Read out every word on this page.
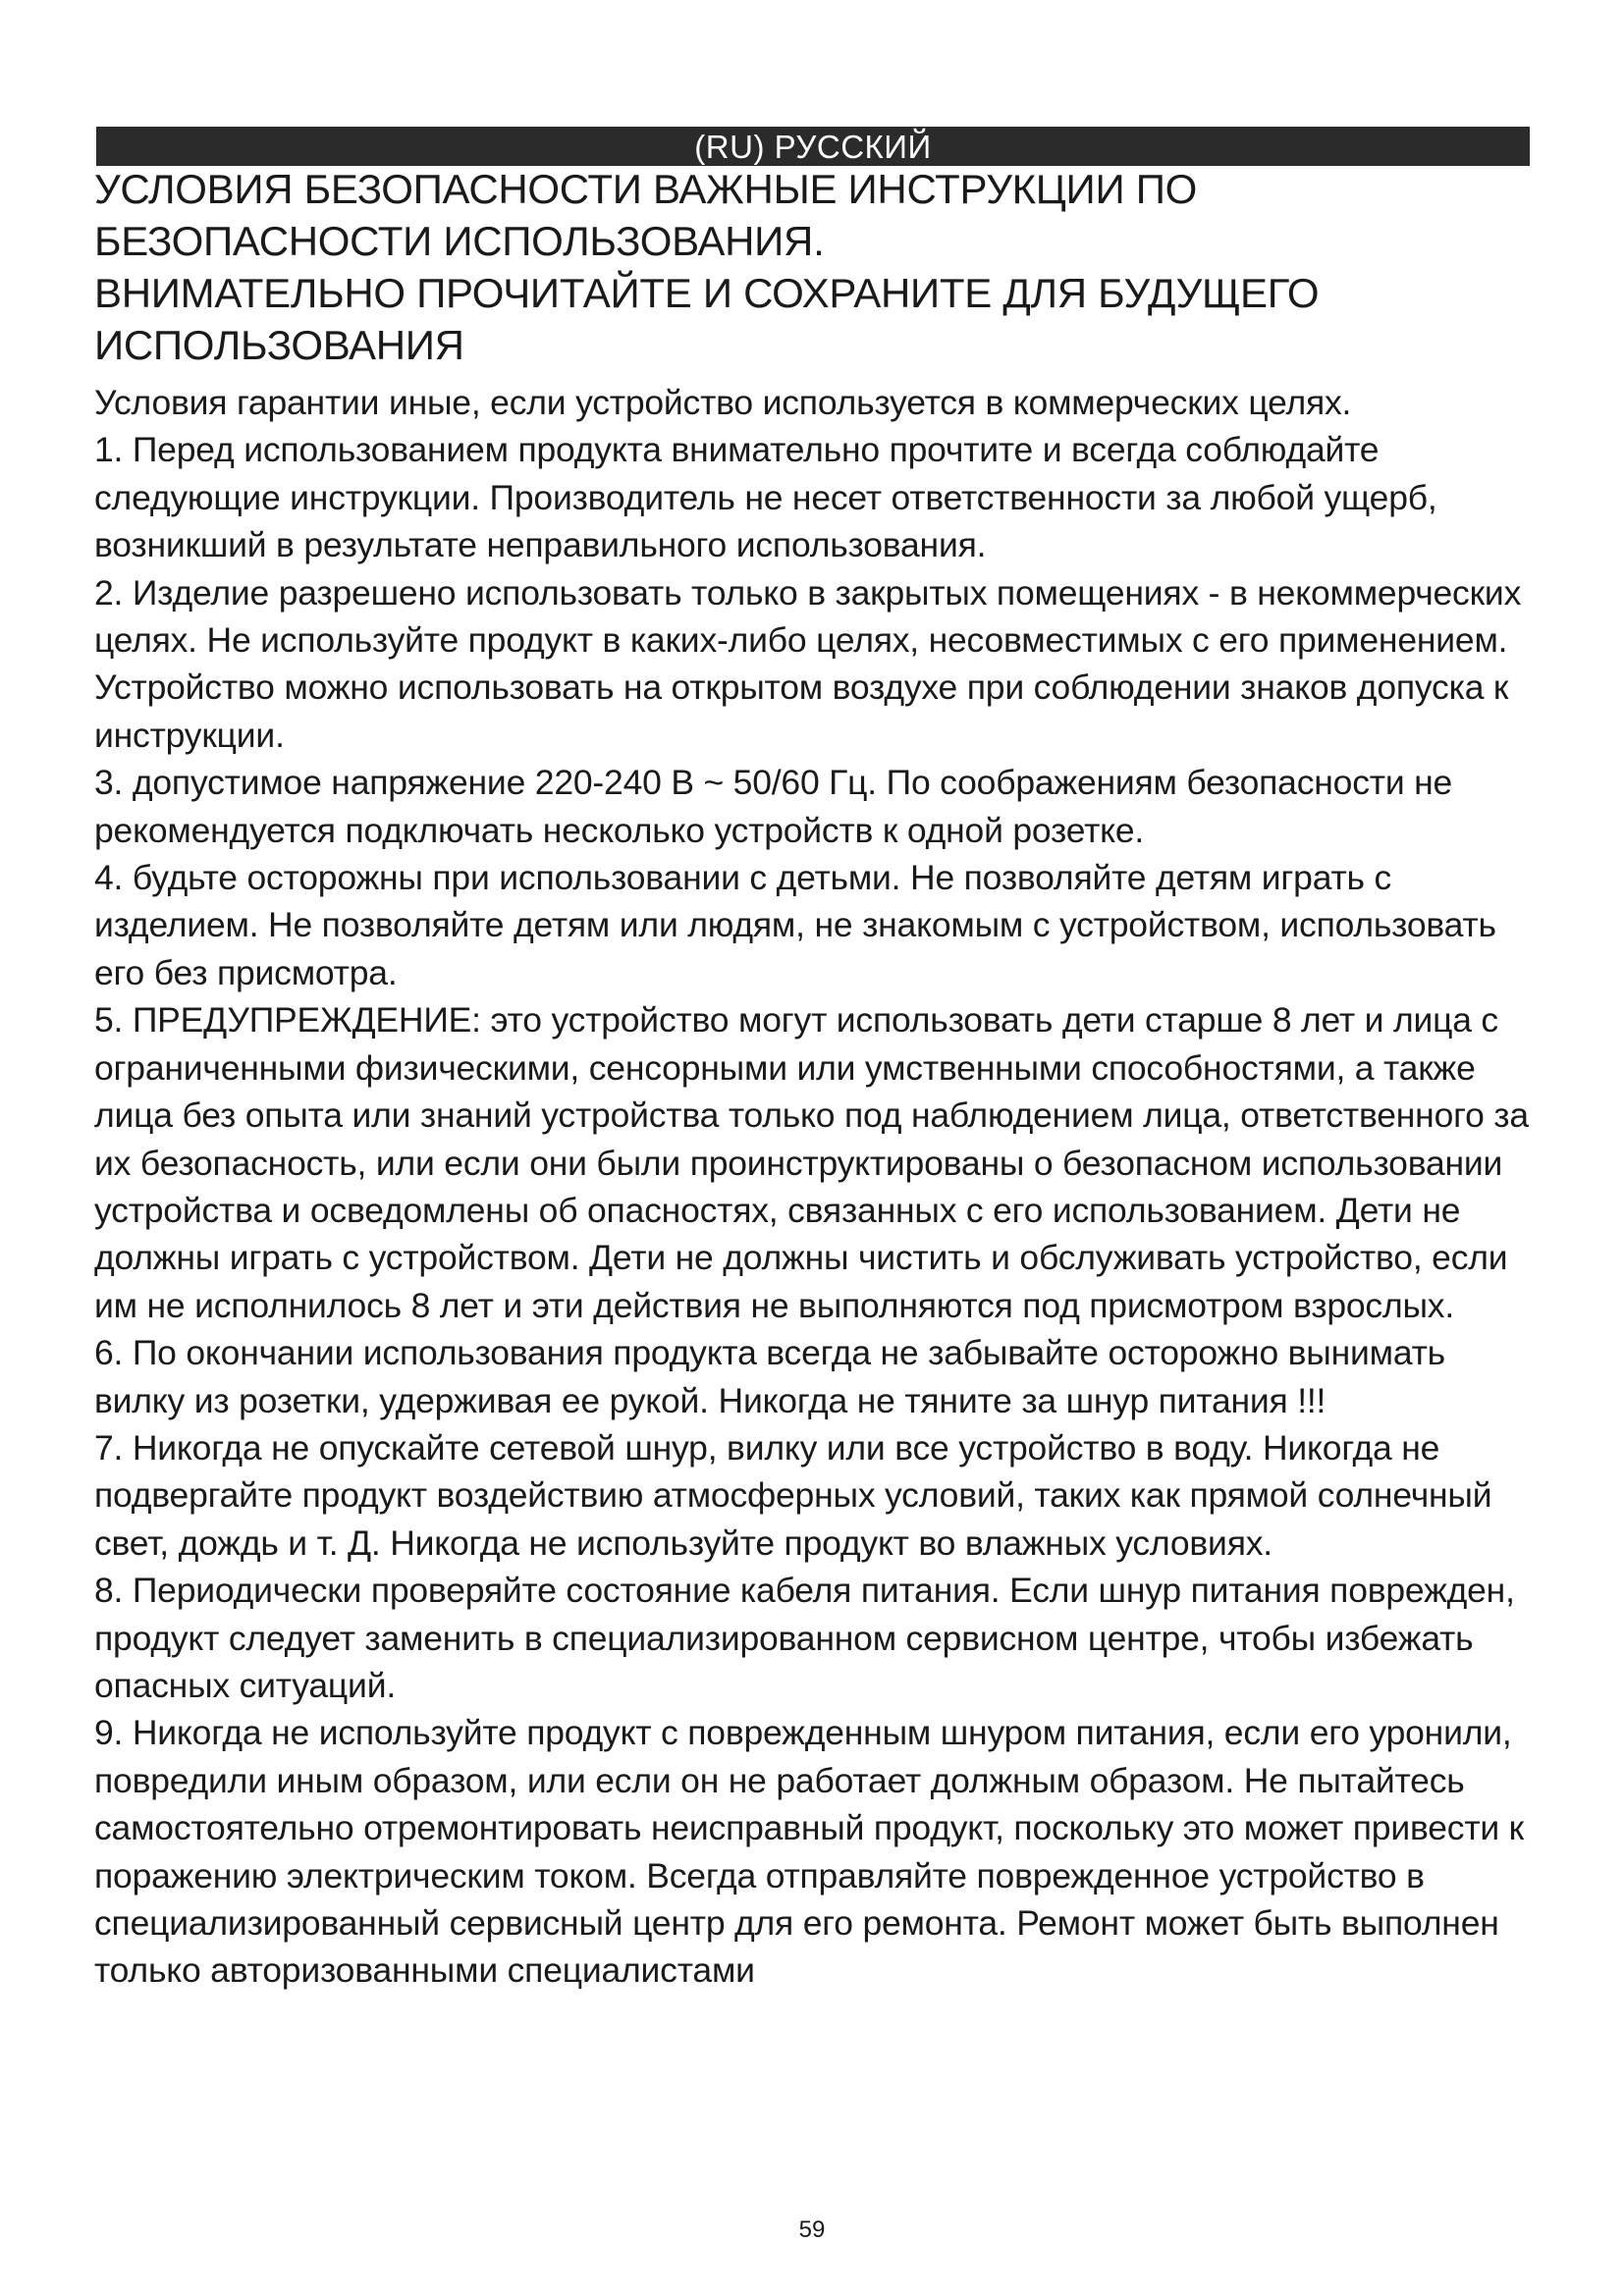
(RU) РУССКИЙ
УСЛОВИЯ БЕЗОПАСНОСТИ ВАЖНЫЕ ИНСТРУКЦИИ ПО БЕЗОПАСНОСТИ ИСПОЛЬЗОВАНИЯ.
ВНИМАТЕЛЬНО ПРОЧИТАЙТЕ И СОХРАНИТЕ ДЛЯ БУДУЩЕГО ИСПОЛЬЗОВАНИЯ

Условия гарантии иные, если устройство используется в коммерческих целях.

1. Перед использованием продукта внимательно прочтите и всегда соблюдайте следующие инструкции. Производитель не несет ответственности за любой ущерб, возникший в результате неправильного использования.

2. Изделие разрешено использовать только в закрытых помещениях - в некоммерческих целях. Не используйте продукт в каких-либо целях, несовместимых с его применением. Устройство можно использовать на открытом воздухе при соблюдении знаков допуска к инструкции.

3. допустимое напряжение 220-240 В ~ 50/60 Гц. По соображениям безопасности не рекомендуется подключать несколько устройств к одной розетке.

4. будьте осторожны при использовании с детьми. Не позволяйте детям играть с изделием. Не позволяйте детям или людям, не знакомым с устройством, использовать его без присмотра.

5. ПРЕДУПРЕЖДЕНИЕ: это устройство могут использовать дети старше 8 лет и лица с ограниченными физическими, сенсорными или умственными способностями, а также лица без опыта или знаний устройства только под наблюдением лица, ответственного за их безопасность, или если они были проинструктированы о безопасном использовании устройства и осведомлены об опасностях, связанных с его использованием. Дети не должны играть с устройством. Дети не должны чистить и обслуживать устройство, если им не исполнилось 8 лет и эти действия не выполняются под присмотром взрослых.

6. По окончании использования продукта всегда не забывайте осторожно вынимать вилку из розетки, удерживая ее рукой. Никогда не тяните за шнур питания !!!

7. Никогда не опускайте сетевой шнур, вилку или все устройство в воду. Никогда не подвергайте продукт воздействию атмосферных условий, таких как прямой солнечный свет, дождь и т. Д. Никогда не используйте продукт во влажных условиях.

8. Периодически проверяйте состояние кабеля питания. Если шнур питания поврежден, продукт следует заменить в специализированном сервисном центре, чтобы избежать опасных ситуаций.

9. Никогда не используйте продукт с поврежденным шнуром питания, если его уронили, повредили иным образом, или если он не работает должным образом. Не пытайтесь самостоятельно отремонтировать неисправный продукт, поскольку это может привести к поражению электрическим током. Всегда отправляйте поврежденное устройство в специализированный сервисный центр для его ремонта. Ремонт может быть выполнен только авторизованными специалистами

59
